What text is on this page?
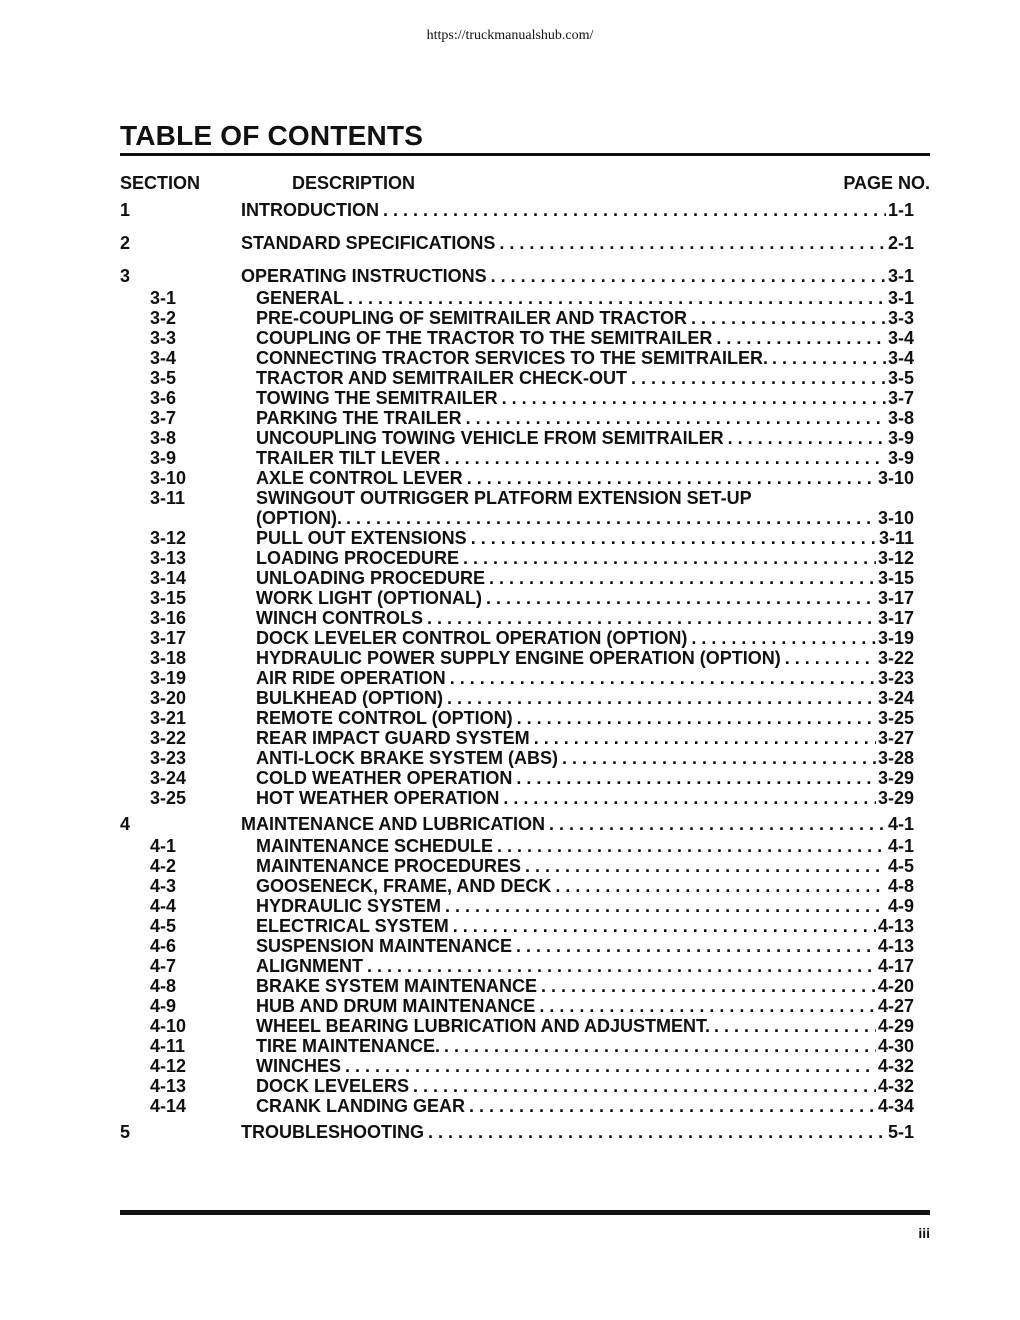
https://truckmanualshub.com/
TABLE OF CONTENTS
SECTION	DESCRIPTION	PAGE NO.
1	INTRODUCTION . . .	1-1
2	STANDARD SPECIFICATIONS . . .	2-1
3	OPERATING INSTRUCTIONS . . .	3-1
3-1	GENERAL . . .	3-1
3-2	PRE-COUPLING OF SEMITRAILER AND TRACTOR . . .	3-3
3-3	COUPLING OF THE TRACTOR TO THE SEMITRAILER . . .	3-4
3-4	CONNECTING TRACTOR SERVICES TO THE SEMITRAILER. . . .	3-4
3-5	TRACTOR AND SEMITRAILER CHECK-OUT . . .	3-5
3-6	TOWING THE SEMITRAILER . . .	3-7
3-7	PARKING THE TRAILER . . .	3-8
3-8	UNCOUPLING TOWING VEHICLE FROM SEMITRAILER . . .	3-9
3-9	TRAILER TILT LEVER . . .	3-9
3-10	AXLE CONTROL LEVER . . .	3-10
3-11	SWINGOUT OUTRIGGER PLATFORM EXTENSION SET-UP
(OPTION). . . .	3-10
3-12	PULL OUT EXTENSIONS . . .	3-11
3-13	LOADING PROCEDURE . . .	3-12
3-14	UNLOADING PROCEDURE . . .	3-15
3-15	WORK LIGHT (OPTIONAL) . . .	3-17
3-16	WINCH CONTROLS . . .	3-17
3-17	DOCK LEVELER CONTROL OPERATION (OPTION) . . .	3-19
3-18	HYDRAULIC POWER SUPPLY ENGINE OPERATION (OPTION) . . .	3-22
3-19	AIR RIDE OPERATION . . .	3-23
3-20	BULKHEAD (OPTION) . . .	3-24
3-21	REMOTE CONTROL (OPTION) . . .	3-25
3-22	REAR IMPACT GUARD SYSTEM . . .	3-27
3-23	ANTI-LOCK BRAKE SYSTEM (ABS) . . .	3-28
3-24	COLD WEATHER OPERATION . . .	3-29
3-25	HOT WEATHER OPERATION . . .	3-29
4	MAINTENANCE AND LUBRICATION . . .	4-1
4-1	MAINTENANCE SCHEDULE . . .	4-1
4-2	MAINTENANCE PROCEDURES . . .	4-5
4-3	GOOSENECK, FRAME, AND DECK . . .	4-8
4-4	HYDRAULIC SYSTEM . . .	4-9
4-5	ELECTRICAL SYSTEM . . .	4-13
4-6	SUSPENSION MAINTENANCE . . .	4-13
4-7	ALIGNMENT . . .	4-17
4-8	BRAKE SYSTEM MAINTENANCE . . .	4-20
4-9	HUB AND DRUM MAINTENANCE . . .	4-27
4-10	WHEEL BEARING LUBRICATION AND ADJUSTMENT. . . .	4-29
4-11	TIRE MAINTENANCE. . . .	4-30
4-12	WINCHES . . .	4-32
4-13	DOCK LEVELERS . . .	4-32
4-14	CRANK LANDING GEAR . . .	4-34
5	TROUBLESHOOTING . . .	5-1
iii
